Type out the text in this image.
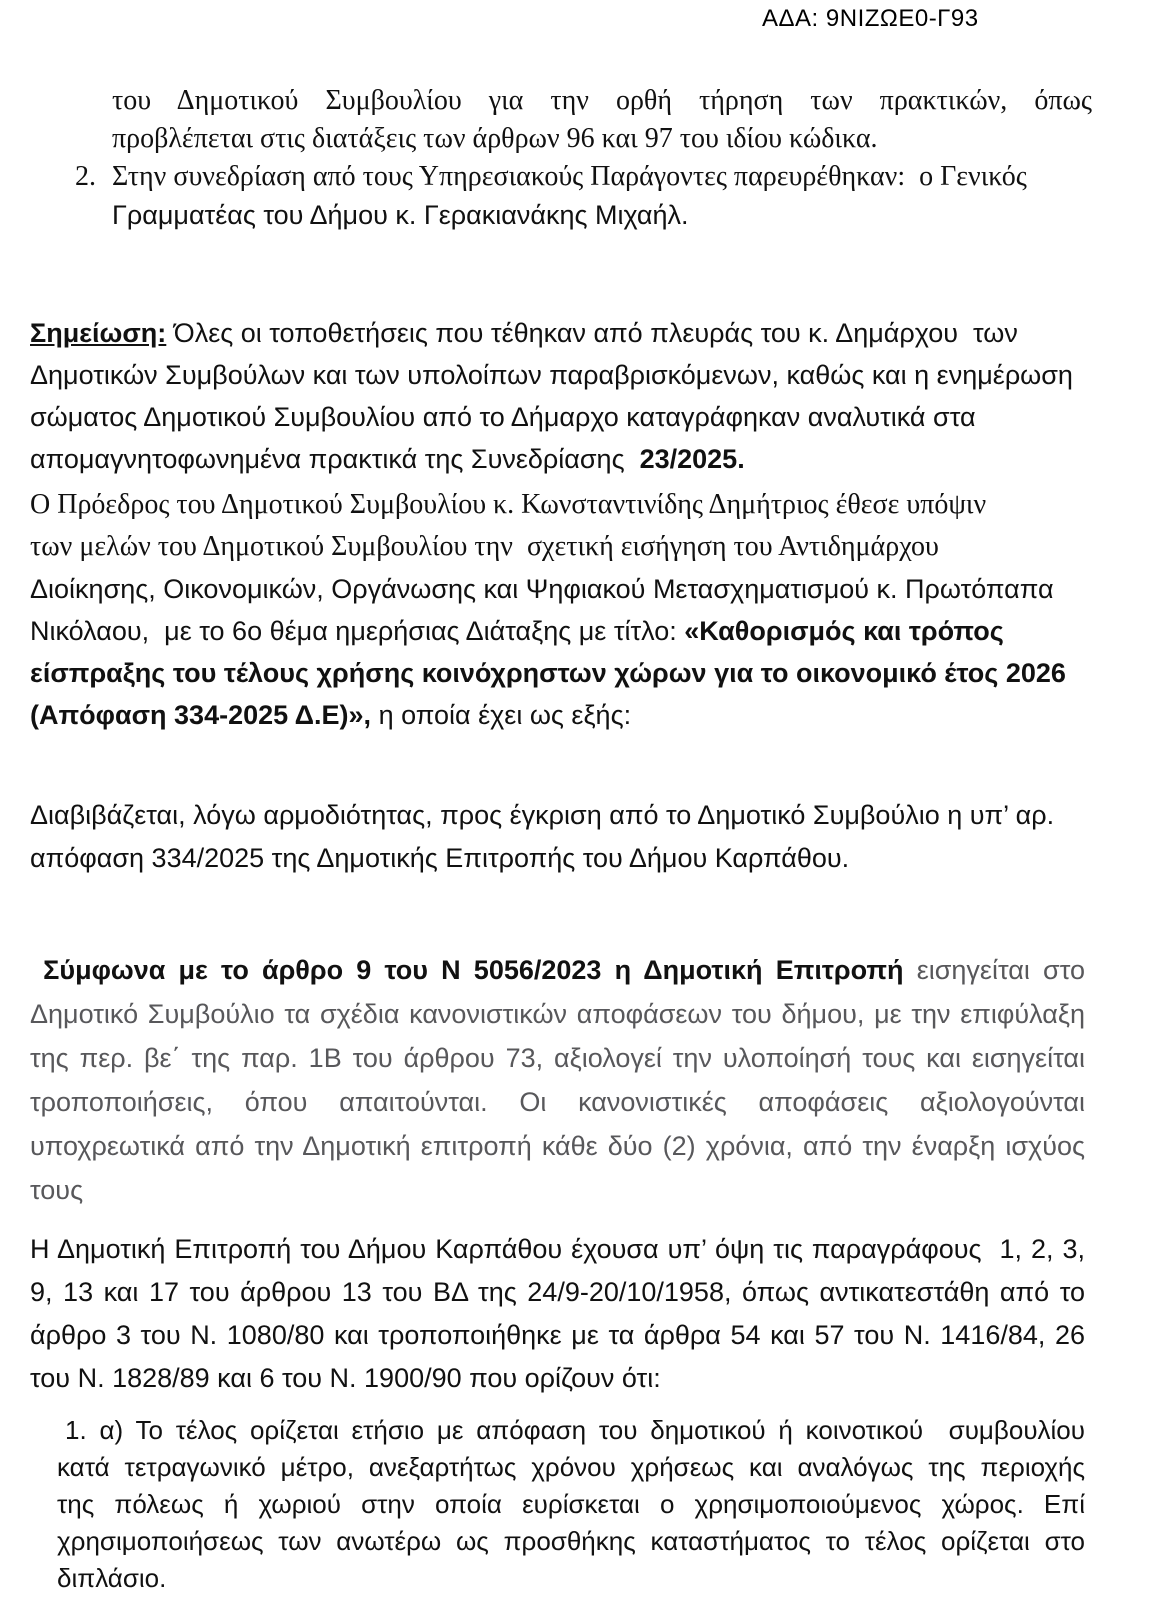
ΑΔΑ: 9ΝΙΖΩΕ0-Γ93
του Δημοτικού Συμβουλίου για την ορθή τήρηση των πρακτικών, όπως
προβλέπεται στις διατάξεις των άρθρων 96 και 97 του ιδίου κώδικα.
2. Στην συνεδρίαση από τους Υπηρεσιακούς Παράγοντες παρευρέθηκαν:  ο Γενικός
Γραμματέας του Δήμου κ. Γερακιανάκης Μιχαήλ.
Σημείωση: Όλες οι τοποθετήσεις που τέθηκαν από πλευράς του κ. Δημάρχου  των
Δημοτικών Συμβούλων και των υπολοίπων παραβρισκόμενων, καθώς και η ενημέρωση
σώματος Δημοτικού Συμβουλίου από το Δήμαρχο καταγράφηκαν αναλυτικά στα
απομαγνητοφωνημένα πρακτικά της Συνεδρίασης  23/2025.
Ο Πρόεδρος του Δημοτικού Συμβουλίου κ. Κωνσταντινίδης Δημήτριος έθεσε υπόψιν
των μελών του Δημοτικού Συμβουλίου την  σχετική εισήγηση του Αντιδημάρχου
Διοίκησης, Οικονομικών, Οργάνωσης και Ψηφιακού Μετασχηματισμού κ. Πρωτόπαπα
Νικόλαου,  με το 6ο θέμα ημερήσιας Διάταξης με τίτλο: «Καθορισμός και τρόπος
είσπραξης του τέλους χρήσης κοινόχρηστων χώρων για το οικονομικό έτος 2026
(Απόφαση 334-2025 Δ.Ε)», η οποία έχει ως εξής:
Διαβιβάζεται, λόγω αρμοδιότητας, προς έγκριση από το Δημοτικό Συμβούλιο η υπ’ αρ.
απόφαση 334/2025 της Δημοτικής Επιτροπής του Δήμου Καρπάθου.
Σύμφωνα με το άρθρο 9 του Ν 5056/2023 η Δημοτική Επιτροπή εισηγείται στο
Δημοτικό Συμβούλιο τα σχέδια κανονιστικών αποφάσεων του δήμου, με την επιφύλαξη
της περ. βε΄ της παρ. 1Β του άρθρου 73, αξιολογεί την υλοποίησή τους και εισηγείται
τροποποιήσεις, όπου απαιτούνται. Οι κανονιστικές αποφάσεις αξιολογούνται
υποχρεωτικά από την Δημοτική επιτροπή κάθε δύο (2) χρόνια, από την έναρξη ισχύος
τους
Η Δημοτική Επιτροπή του Δήμου Καρπάθου έχουσα υπ’ όψη τις παραγράφους  1, 2, 3,
9, 13 και 17 του άρθρου 13 του ΒΔ της 24/9-20/10/1958, όπως αντικατεστάθη από το
άρθρο 3 του Ν. 1080/80 και τροποποιήθηκε με τα άρθρα 54 και 57 του Ν. 1416/84, 26
του Ν. 1828/89 και 6 του Ν. 1900/90 που ορίζουν ότι:
1. α) Το τέλος ορίζεται ετήσιο με απόφαση του δημοτικού ή κοινοτικού  συμβουλίου
κατά τετραγωνικό μέτρο, ανεξαρτήτως χρόνου χρήσεως και αναλόγως της περιοχής
της πόλεως ή χωριού στην οποία ευρίσκεται ο χρησιμοποιούμενος χώρος. Επί
χρησιμοποιήσεως των ανωτέρω ως προσθήκης καταστήματος το τέλος ορίζεται στο
διπλάσιο.
